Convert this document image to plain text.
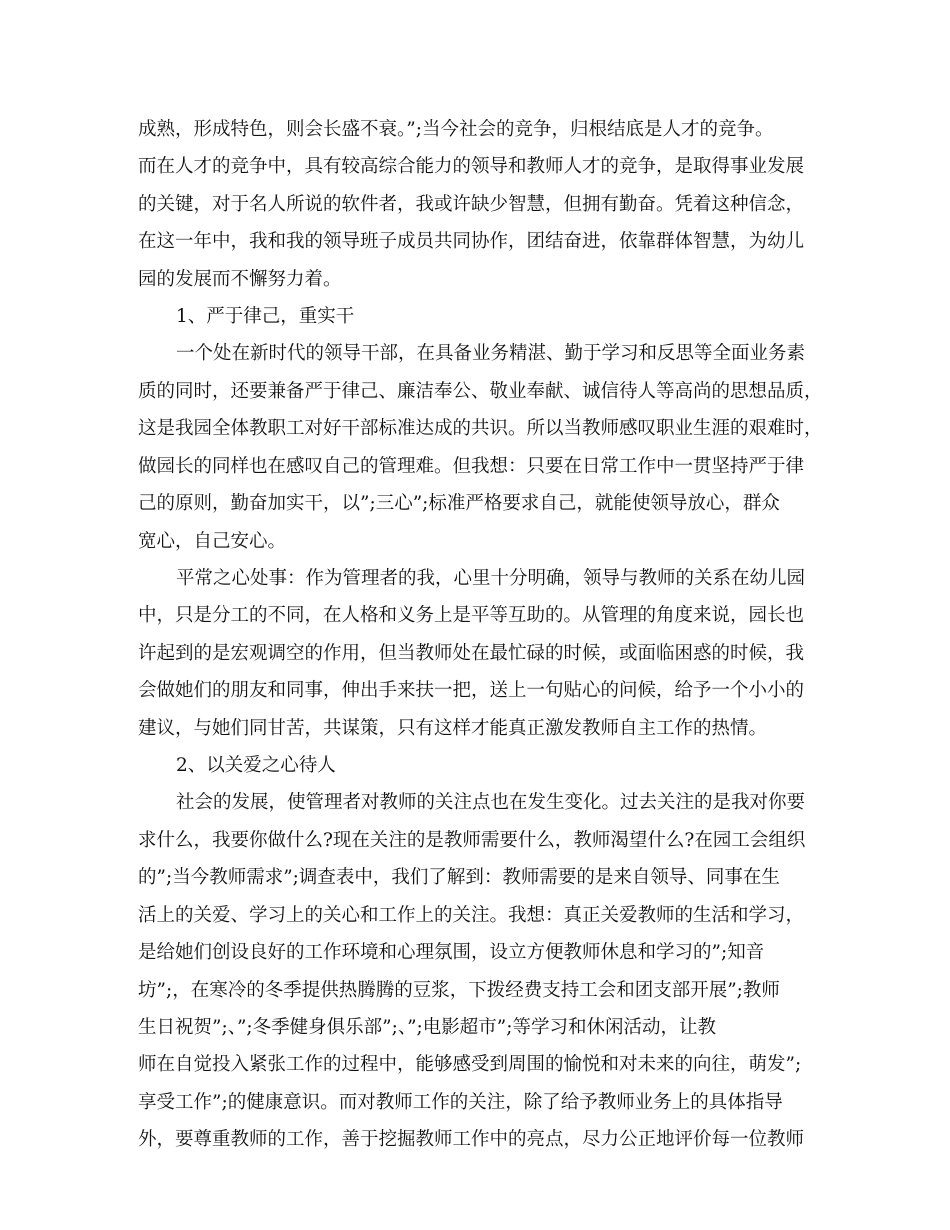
成熟，形成特色，则会长盛不衰。”;当今社会的竞争，归根结底是人才的竞争。
而在人才的竞争中，具有较高综合能力的领导和教师人才的竞争，是取得事业发展
的关键，对于名人所说的软件者，我或许缺少智慧，但拥有勤奋。凭着这种信念，
在这一年中，我和我的领导班子成员共同协作，团结奋进，依靠群体智慧，为幼儿
园的发展而不懈努力着。
1、严于律己，重实干
一个处在新时代的领导干部，在具备业务精湛、勤于学习和反思等全面业务素
质的同时，还要兼备严于律己、廉洁奉公、敬业奉献、诚信待人等高尚的思想品质，
这是我园全体教职工对好干部标准达成的共识。所以当教师感叹职业生涯的艰难时，
做园长的同样也在感叹自己的管理难。但我想：只要在日常工作中一贯坚持严于律
己的原则，勤奋加实干，以”;三心”;标准严格要求自己，就能使领导放心，群众
宽心，自己安心。
平常之心处事：作为管理者的我，心里十分明确，领导与教师的关系在幼儿园
中，只是分工的不同，在人格和义务上是平等互助的。从管理的角度来说，园长也
许起到的是宏观调空的作用，但当教师处在最忙碌的时候，或面临困惑的时候，我
会做她们的朋友和同事，伸出手来扶一把，送上一句贴心的问候，给予一个小小的
建议，与她们同甘苦，共谋策，只有这样才能真正激发教师自主工作的热情。
2、以关爱之心待人
社会的发展，使管理者对教师的关注点也在发生变化。过去关注的是我对你要
求什么，我要你做什么?现在关注的是教师需要什么，教师渴望什么?在园工会组织
的”;当今教师需求”;调查表中，我们了解到：教师需要的是来自领导、同事在生
活上的关爱、学习上的关心和工作上的关注。我想：真正关爱教师的生活和学习，
是给她们创设良好的工作环境和心理氛围，设立方便教师休息和学习的”;知音
坊”;，在寒冷的冬季提供热腾腾的豆浆，下拨经费支持工会和团支部开展”;教师
生日祝贺”;、”;冬季健身俱乐部”;、”;电影超市”;等学习和休闲活动，让教
师在自觉投入紧张工作的过程中，能够感受到周围的愉悦和对未来的向往，萌发”;
享受工作”;的健康意识。而对教师工作的关注，除了给予教师业务上的具体指导
外，要尊重教师的工作，善于挖掘教师工作中的亮点，尽力公正地评价每一位教师
